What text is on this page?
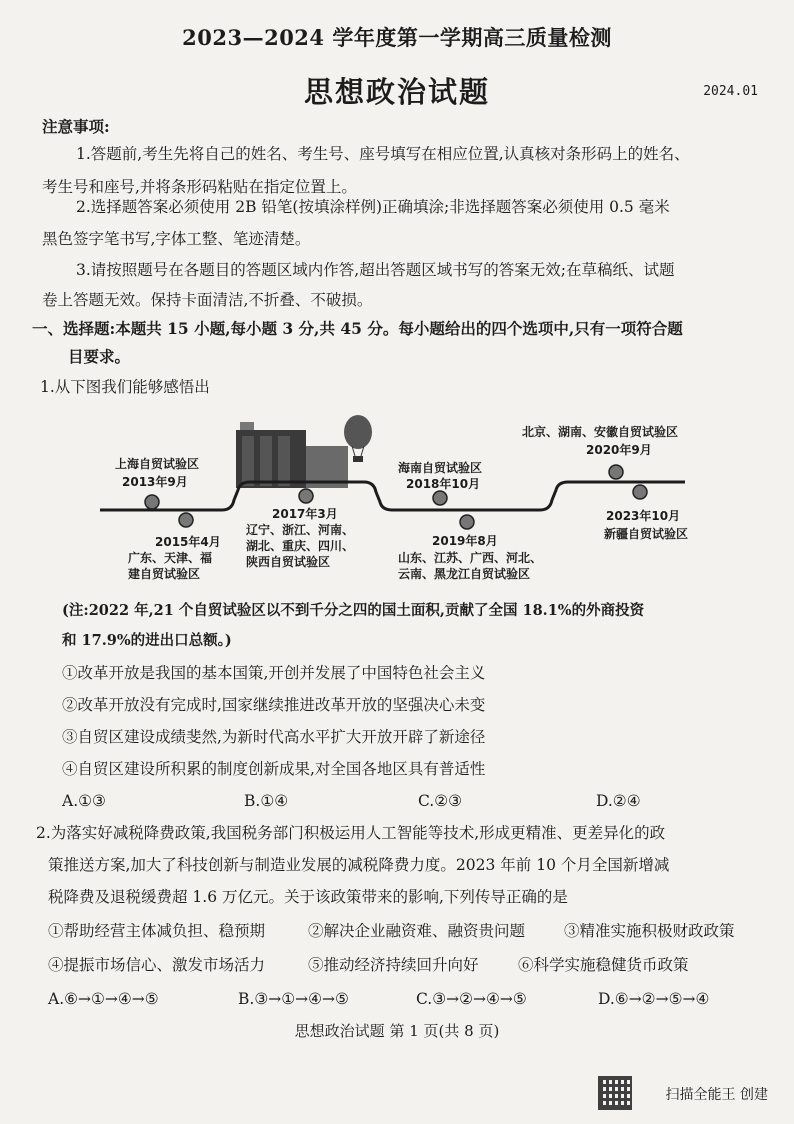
2023—2024 学年度第一学期高三质量检测
思想政治试题	2024.01
注意事项:
1.答题前,考生先将自己的姓名、考生号、座号填写在相应位置,认真核对条形码上的姓名、
考生号和座号,并将条形码粘贴在指定位置上。
2.选择题答案必须使用 2B 铅笔(按填涂样例)正确填涂;非选择题答案必须使用 0.5 毫米
黑色签字笔书写,字体工整、笔迹清楚。
3.请按照题号在各题目的答题区域内作答,超出答题区域书写的答案无效;在草稿纸、试题
卷上答题无效。保持卡面清洁,不折叠、不破损。
一、选择题:本题共 15 小题,每小题 3 分,共 45 分。每小题给出的四个选项中,只有一项符合题
目要求。
1.从下图我们能够感悟出
上海自贸试验区
2013年9月
2015年4月
广东、天津、福
建自贸试验区
2017年3月
辽宁、浙江、河南、
湖北、重庆、四川、
陕西自贸试验区
海南自贸试验区
2018年10月
2019年8月
山东、江苏、广西、河北、
云南、黑龙江自贸试验区
北京、湖南、安徽自贸试验区
2020年9月
2023年10月
新疆自贸试验区
(注:2022 年,21 个自贸试验区以不到千分之四的国土面积,贡献了全国 18.1%的外商投资
和 17.9%的进出口总额。)
①改革开放是我国的基本国策,开创并发展了中国特色社会主义
②改革开放没有完成时,国家继续推进改革开放的坚强决心未变
③自贸区建设成绩斐然,为新时代高水平扩大开放开辟了新途径
④自贸区建设所积累的制度创新成果,对全国各地区具有普适性
A.①③	B.①④	C.②③	D.②④
2.为落实好减税降费政策,我国税务部门积极运用人工智能等技术,形成更精准、更差异化的政
策推送方案,加大了科技创新与制造业发展的减税降费力度。2023 年前 10 个月全国新增减
税降费及退税缓费超 1.6 万亿元。关于该政策带来的影响,下列传导正确的是
①帮助经营主体减负担、稳预期	②解决企业融资难、融资贵问题	③精准实施积极财政政策
④提振市场信心、激发市场活力	⑤推动经济持续回升向好	⑥科学实施稳健货币政策
A.⑥→①→④→⑤	B.③→①→④→⑤	C.③→②→④→⑤	D.⑥→②→⑤→④
思想政治试题 第 1 页(共 8 页)
扫描全能王 创建
